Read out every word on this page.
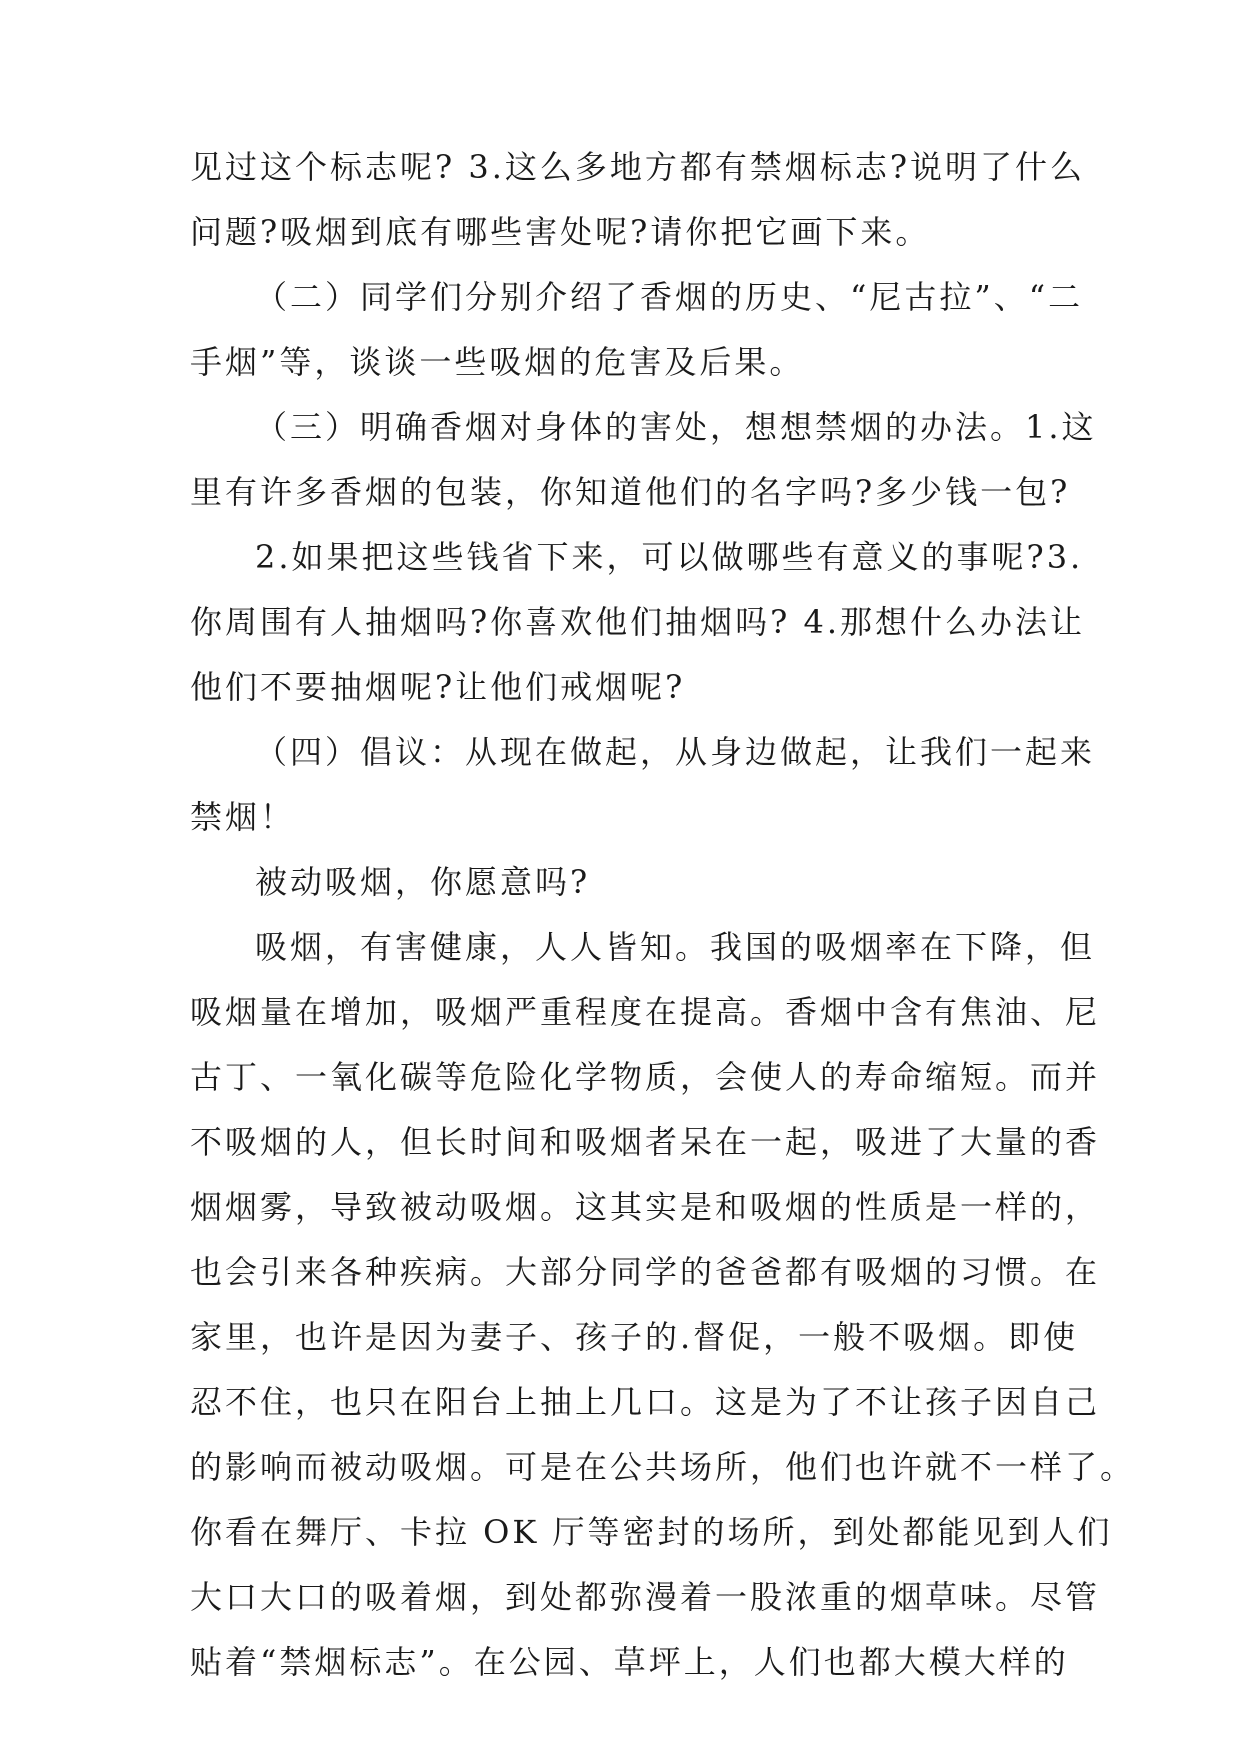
见过这个标志呢? 3.这么多地方都有禁烟标志?说明了什么
问题?吸烟到底有哪些害处呢?请你把它画下来。
（二）同学们分别介绍了香烟的历史、“尼古拉”、“二
手烟”等，谈谈一些吸烟的危害及后果。
（三）明确香烟对身体的害处，想想禁烟的办法。1.这
里有许多香烟的包装，你知道他们的名字吗?多少钱一包?
2.如果把这些钱省下来，可以做哪些有意义的事呢?3.
你周围有人抽烟吗?你喜欢他们抽烟吗? 4.那想什么办法让
他们不要抽烟呢?让他们戒烟呢?
（四）倡议：从现在做起，从身边做起，让我们一起来
禁烟！
被动吸烟，你愿意吗?
吸烟，有害健康，人人皆知。我国的吸烟率在下降，但
吸烟量在增加，吸烟严重程度在提高。香烟中含有焦油、尼
古丁、一氧化碳等危险化学物质，会使人的寿命缩短。而并
不吸烟的人，但长时间和吸烟者呆在一起，吸进了大量的香
烟烟雾，导致被动吸烟。这其实是和吸烟的性质是一样的，
也会引来各种疾病。大部分同学的爸爸都有吸烟的习惯。在
家里，也许是因为妻子、孩子的.督促，一般不吸烟。即使
忍不住，也只在阳台上抽上几口。这是为了不让孩子因自己
的影响而被动吸烟。可是在公共场所，他们也许就不一样了。
你看在舞厅、卡拉 OK 厅等密封的场所，到处都能见到人们
大口大口的吸着烟，到处都弥漫着一股浓重的烟草味。尽管
贴着“禁烟标志”。在公园、草坪上，人们也都大模大样的
